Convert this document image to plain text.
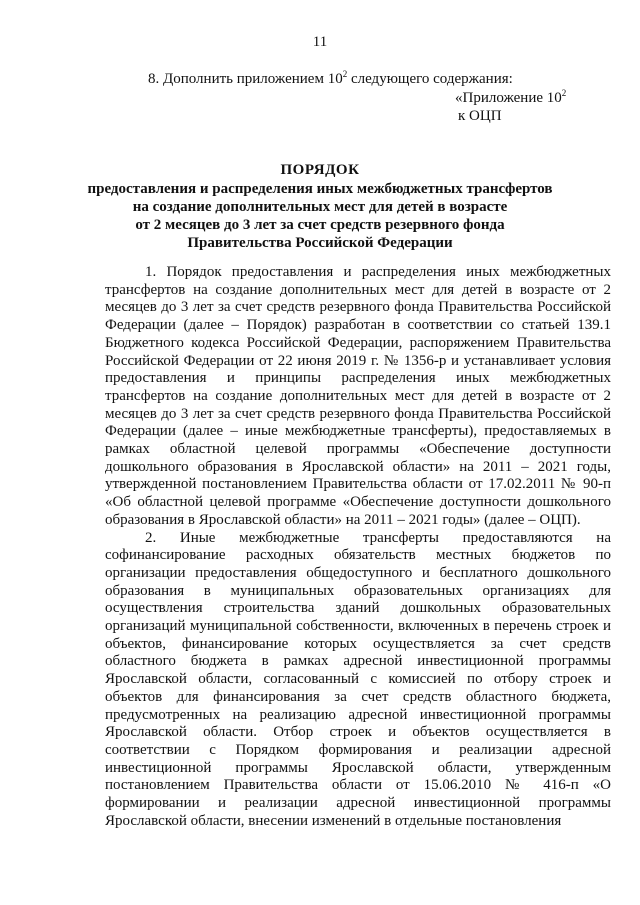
11
8. Дополнить приложением $10^2$ следующего содержания:
«Приложение $10^2$
к ОЦП
ПОРЯДОК
предоставления и распределения иных межбюджетных трансфертов
на создание дополнительных мест для детей в возрасте
от 2 месяцев до 3 лет за счет средств резервного фонда
Правительства Российской Федерации

1. Порядок предоставления и распределения иных межбюджетных трансфертов на создание дополнительных мест для детей в возрасте от 2 месяцев до 3 лет за счет средств резервного фонда Правительства Российской Федерации (далее – Порядок) разработан в соответствии со статьей 139.1 Бюджетного кодекса Российской Федерации, распоряжением Правительства Российской Федерации от 22 июня 2019 г. № 1356-р и устанавливает условия предоставления и принципы распределения иных межбюджетных трансфертов на создание дополнительных мест для детей в возрасте от 2 месяцев до 3 лет за счет средств резервного фонда Правительства Российской Федерации (далее – иные межбюджетные трансферты), предоставляемых в рамках областной целевой программы «Обеспечение доступности дошкольного образования в Ярославской области» на 2011 – 2021 годы, утвержденной постановлением Правительства области от 17.02.2011 № 90-п «Об областной целевой программе «Обеспечение доступности дошкольного образования в Ярославской области» на 2011 – 2021 годы» (далее – ОЦП).

2. Иные межбюджетные трансферты предоставляются на софинансирование расходных обязательств местных бюджетов по организации предоставления общедоступного и бесплатного дошкольного образования в муниципальных образовательных организациях для осуществления строительства зданий дошкольных образовательных организаций муниципальной собственности, включенных в перечень строек и объектов, финансирование которых осуществляется за счет средств областного бюджета в рамках адресной инвестиционной программы Ярославской области, согласованный с комиссией по отбору строек и объектов для финансирования за счет средств областного бюджета, предусмотренных на реализацию адресной инвестиционной программы Ярославской области. Отбор строек и объектов осуществляется в соответствии с Порядком формирования и реализации адресной инвестиционной программы Ярославской области, утвержденным постановлением Правительства области от 15.06.2010 № 416-п «О формировании и реализации адресной инвестиционной программы Ярославской области, внесении изменений в отдельные постановления
